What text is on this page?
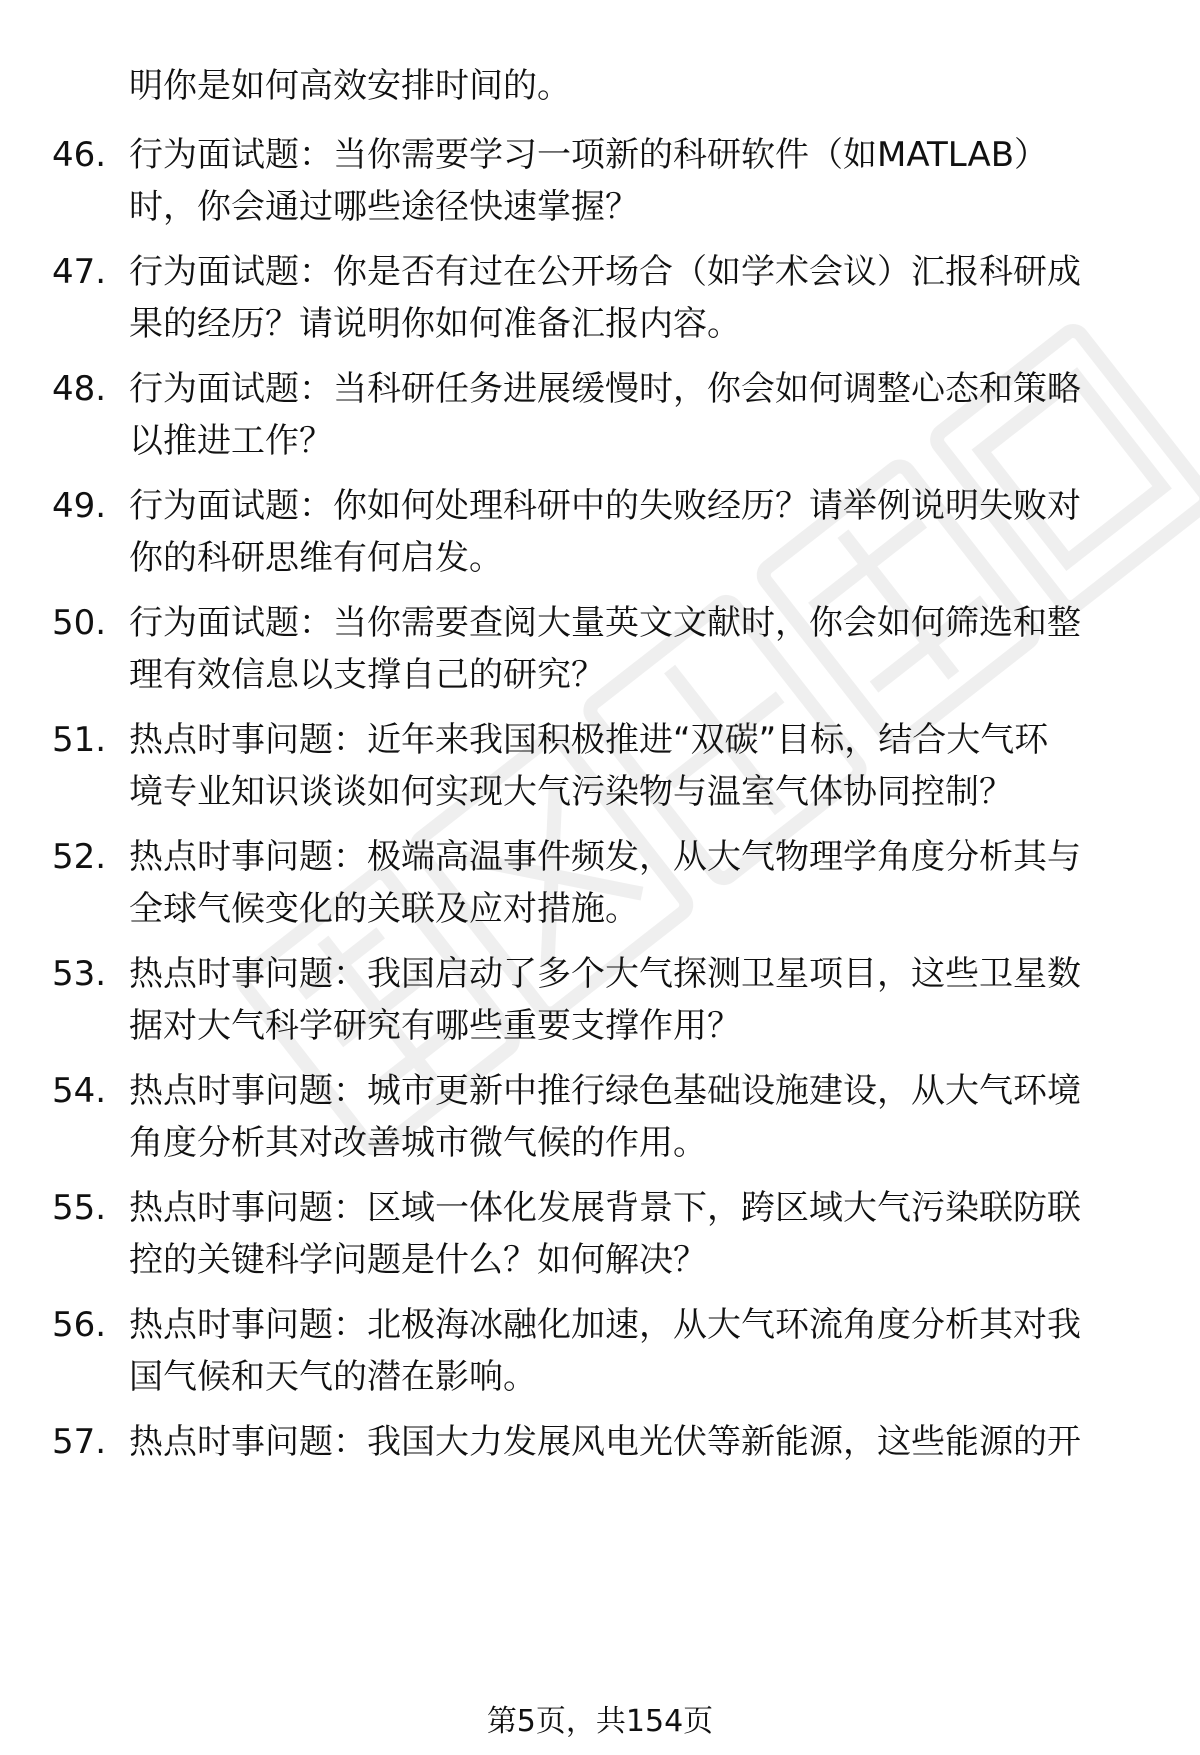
明你是如何高效安排时间的。
46. 行为面试题：当你需要学习一项新的科研软件（如MATLAB）
时，你会通过哪些途径快速掌握？
47. 行为面试题：你是否有过在公开场合（如学术会议）汇报科研成
果的经历？请说明你如何准备汇报内容。
48. 行为面试题：当科研任务进展缓慢时，你会如何调整心态和策略
以推进工作？
49. 行为面试题：你如何处理科研中的失败经历？请举例说明失败对
你的科研思维有何启发。
50. 行为面试题：当你需要查阅大量英文文献时，你会如何筛选和整
理有效信息以支撑自己的研究？
51. 热点时事问题：近年来我国积极推进“双碳”目标，结合大气环
境专业知识谈谈如何实现大气污染物与温室气体协同控制？
52. 热点时事问题：极端高温事件频发，从大气物理学角度分析其与
全球气候变化的关联及应对措施。
53. 热点时事问题：我国启动了多个大气探测卫星项目，这些卫星数
据对大气科学研究有哪些重要支撑作用？
54. 热点时事问题：城市更新中推行绿色基础设施建设，从大气环境
角度分析其对改善城市微气候的作用。
55. 热点时事问题：区域一体化发展背景下，跨区域大气污染联防联
控的关键科学问题是什么？如何解决？
56. 热点时事问题：北极海冰融化加速，从大气环流角度分析其对我
国气候和天气的潜在影响。
57. 热点时事问题：我国大力发展风电光伏等新能源，这些能源的开
第5页，共154页
